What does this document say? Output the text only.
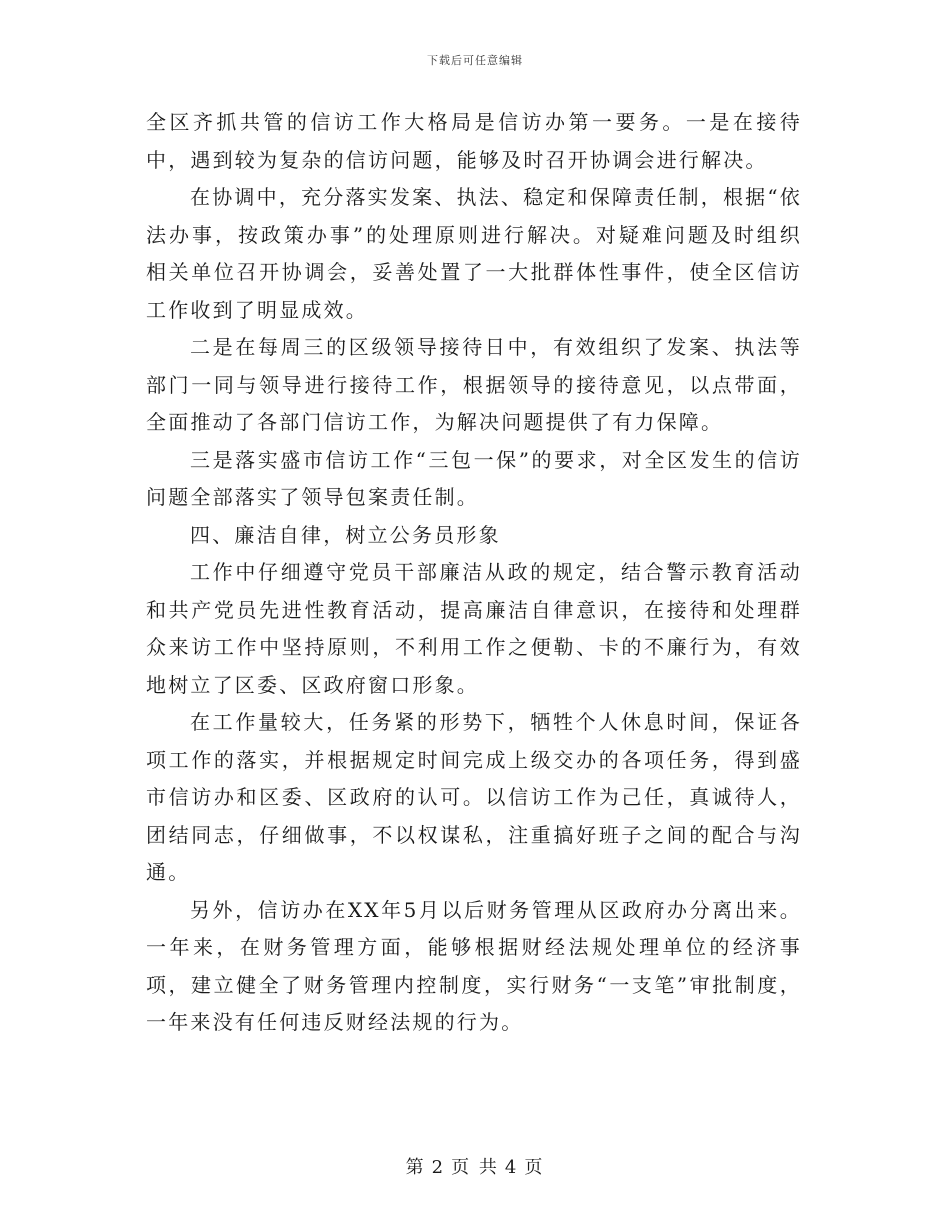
下载后可任意编辑

全区齐抓共管的信访工作大格局是信访办第一要务。一是在接待中，遇到较为复杂的信访问题，能够及时召开协调会进行解决。

在协调中，充分落实发案、执法、稳定和保障责任制，根据“依法办事，按政策办事”的处理原则进行解决。对疑难问题及时组织相关单位召开协调会，妥善处置了一大批群体性事件，使全区信访工作收到了明显成效。

二是在每周三的区级领导接待日中，有效组织了发案、执法等部门一同与领导进行接待工作，根据领导的接待意见，以点带面，全面推动了各部门信访工作，为解决问题提供了有力保障。

三是落实盛市信访工作“三包一保”的要求，对全区发生的信访问题全部落实了领导包案责任制。

四、廉洁自律，树立公务员形象

工作中仔细遵守党员干部廉洁从政的规定，结合警示教育活动和共产党员先进性教育活动，提高廉洁自律意识，在接待和处理群众来访工作中坚持原则，不利用工作之便勒、卡的不廉行为，有效地树立了区委、区政府窗口形象。

在工作量较大，任务紧的形势下，牺牲个人休息时间，保证各项工作的落实，并根据规定时间完成上级交办的各项任务，得到盛市信访办和区委、区政府的认可。以信访工作为己任，真诚待人，团结同志，仔细做事，不以权谋私，注重搞好班子之间的配合与沟通。

另外，信访办在XX年5月以后财务管理从区政府办分离出来。一年来，在财务管理方面，能够根据财经法规处理单位的经济事项，建立健全了财务管理内控制度，实行财务“一支笔”审批制度，一年来没有任何违反财经法规的行为。

第 2 页 共 4 页
